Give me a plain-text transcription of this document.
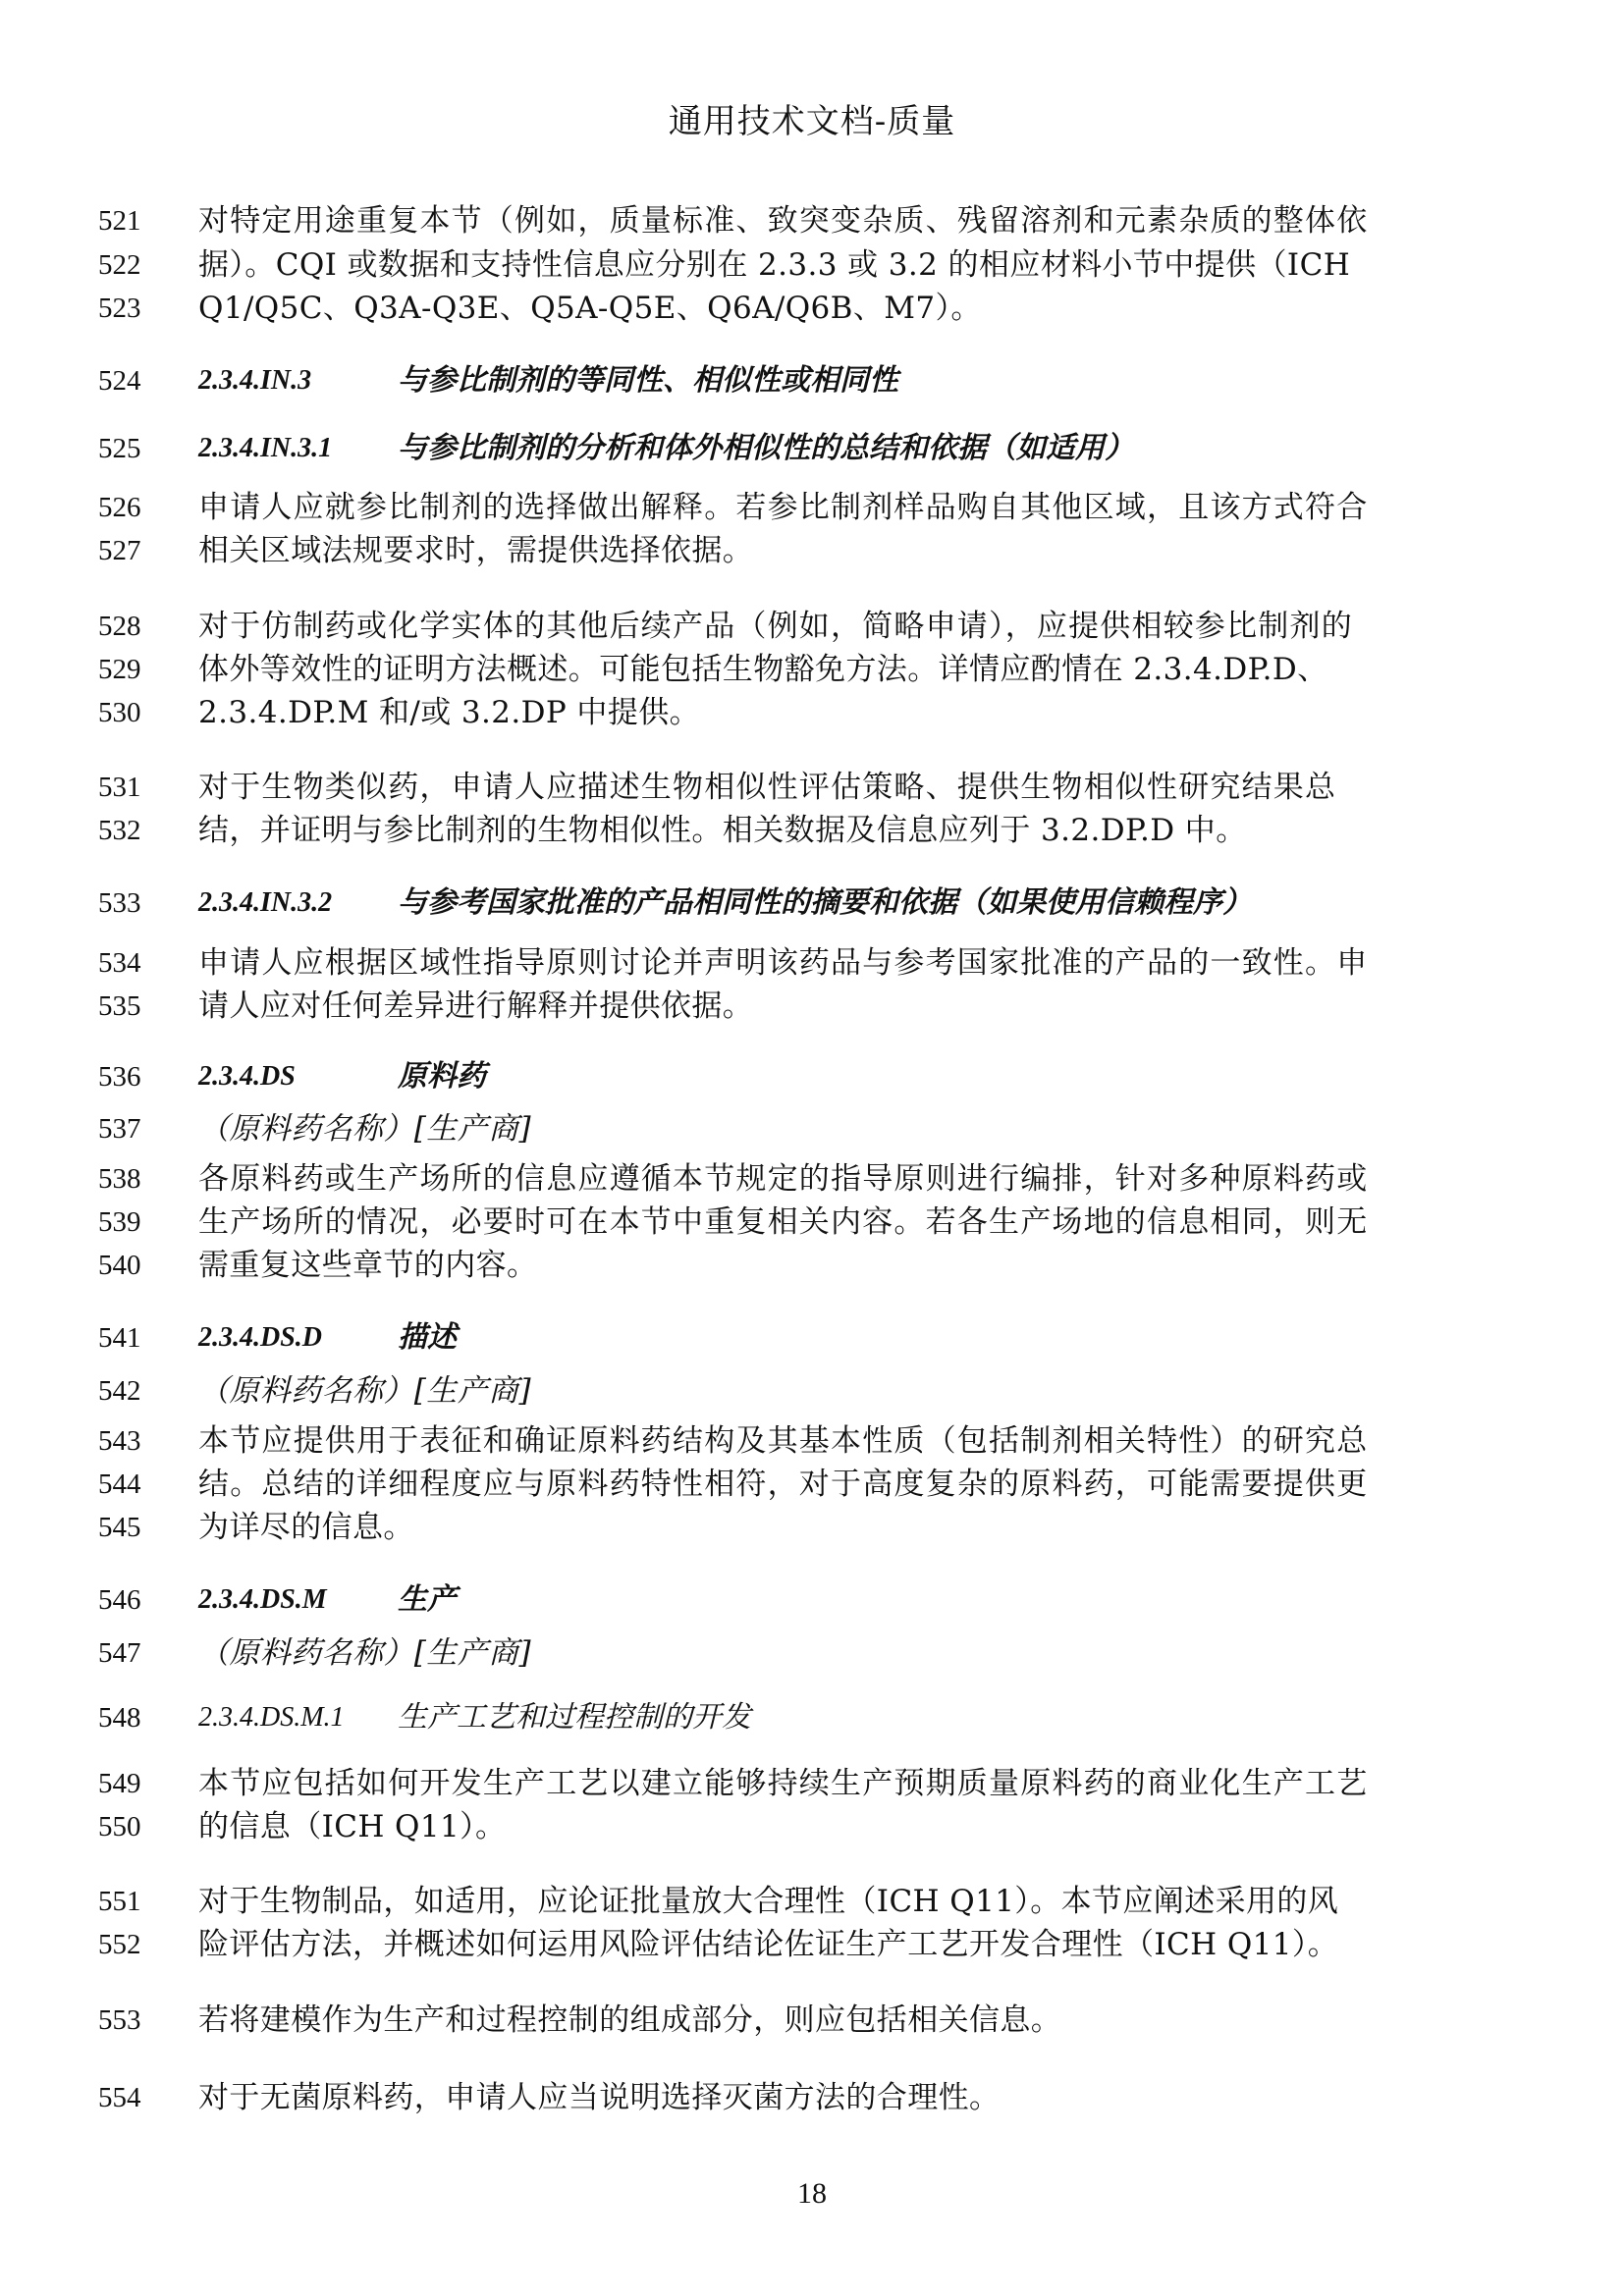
通用技术文档-质量
521	对特定用途重复本节（例如，质量标准、致突变杂质、残留溶剂和元素杂质的整体依
522	据）。CQI 或数据和支持性信息应分别在 2.3.3 或 3.2 的相应材料小节中提供（ICH
523	Q1/Q5C、Q3A-Q3E、Q5A-Q5E、Q6A/Q6B、M7）。
524	2.3.4.IN.3	与参比制剂的等同性、相似性或相同性
525	2.3.4.IN.3.1 与参比制剂的分析和体外相似性的总结和依据（如适用）
526	申请人应就参比制剂的选择做出解释。若参比制剂样品购自其他区域，且该方式符合
527	相关区域法规要求时，需提供选择依据。
528	对于仿制药或化学实体的其他后续产品（例如，简略申请），应提供相较参比制剂的
529	体外等效性的证明方法概述。可能包括生物豁免方法。详情应酌情在 2.3.4.DP.D、
530	2.3.4.DP.M 和/或 3.2.DP 中提供。
531	对于生物类似药，申请人应描述生物相似性评估策略、提供生物相似性研究结果总
532	结，并证明与参比制剂的生物相似性。相关数据及信息应列于 3.2.DP.D 中。
533	2.3.4.IN.3.2 与参考国家批准的产品相同性的摘要和依据（如果使用信赖程序）
534	申请人应根据区域性指导原则讨论并声明该药品与参考国家批准的产品的一致性。申
535	请人应对任何差异进行解释并提供依据。
536	2.3.4.DS	原料药
537	（原料药名称）[生产商]
538	各原料药或生产场所的信息应遵循本节规定的指导原则进行编排，针对多种原料药或
539	生产场所的情况，必要时可在本节中重复相关内容。若各生产场地的信息相同，则无
540	需重复这些章节的内容。
541	2.3.4.DS.D	描述
542	（原料药名称）[生产商]
543	本节应提供用于表征和确证原料药结构及其基本性质（包括制剂相关特性）的研究总
544	结。总结的详细程度应与原料药特性相符，对于高度复杂的原料药，可能需要提供更
545	为详尽的信息。
546	2.3.4.DS.M 生产
547	（原料药名称）[生产商]
548	2.3.4.DS.M.1 生产工艺和过程控制的开发
549	本节应包括如何开发生产工艺以建立能够持续生产预期质量原料药的商业化生产工艺
550	的信息（ICH Q11）。
551	对于生物制品，如适用，应论证批量放大合理性（ICH Q11）。本节应阐述采用的风
552	险评估方法，并概述如何运用风险评估结论佐证生产工艺开发合理性（ICH Q11）。
553	若将建模作为生产和过程控制的组成部分，则应包括相关信息。
554	对于无菌原料药，申请人应当说明选择灭菌方法的合理性。
18
